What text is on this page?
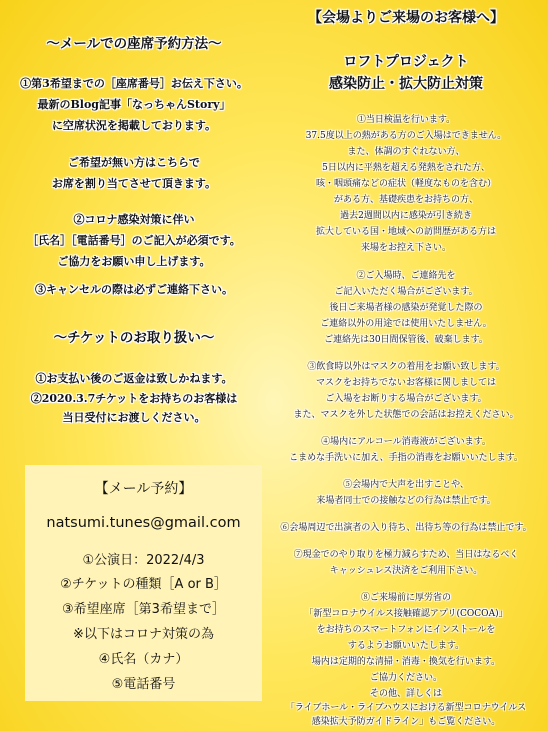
〜メールでの座席予約方法〜
①第3希望までの［座席番号］お伝え下さい。
最新のBlog記事「なっちゃんStory」
に空席状況を掲載しております。
ご希望が無い方はこちらで
お席を割り当てさせて頂きます。
②コロナ感染対策に伴い
［氏名］［電話番号］のご記入が必須です。
ご協力をお願い申し上げます。
③キャンセルの際は必ずご連絡下さい。
〜チケットのお取り扱い〜
①お支払い後のご返金は致しかねます。
②2020.3.7チケットをお持ちのお客様は
当日受付にお渡しください。
【メール予約】
natsumi.tunes@gmail.com
①公演日：2022/4/3
②チケットの種類［A or B］
③希望座席［第3希望まで］
※以下はコロナ対策の為
④氏名（カナ）
⑤電話番号
【会場よりご来場のお客様へ】
ロフトプロジェクト
感染防止・拡大防止対策
①当日検温を行います。
37.5度以上の熱がある方のご入場はできません。
また、体調のすぐれない方、
5日以内に平熱を超える発熱をされた方、
咳・咽頭痛などの症状（軽度なものを含む）
がある方、基礎疾患をお持ちの方、
過去2週間以内に感染が引き続き
拡大している国・地域への訪問歴がある方は
来場をお控え下さい。
②ご入場時、ご連絡先を
ご記入いただく場合がございます。
後日ご来場者様の感染が発覚した際の
ご連絡以外の用途では使用いたしません。
ご連絡先は30日間保管後、破棄します。
③飲食時以外はマスクの着用をお願い致します。
マスクをお持ちでないお客様に関しましては
ご入場をお断りする場合がございます。
また、マスクを外した状態での会話はお控えください。
④場内にアルコール消毒液がございます。
こまめな手洗いに加え、手指の消毒をお願いいたします。
⑤会場内で大声を出すことや、
来場者同士での接触などの行為は禁止です。
⑥会場周辺で出演者の入り待ち、出待ち等の行為は禁止です。
⑦現金でのやり取りを極力減らすため、当日はなるべく
キャッシュレス決済をご利用下さい。
⑧ご来場前に厚労省の
「新型コロナウイルス接触確認アプリ(COCOA)」
をお持ちのスマートフォンにインストールを
するようお願いいたします。
場内は定期的な清掃・消毒・換気を行います。
ご協力ください。
その他、詳しくは
「ライブホール・ライブハウスにおける新型コロナウイルス
感染拡大予防ガイドライン」もご覧ください。
